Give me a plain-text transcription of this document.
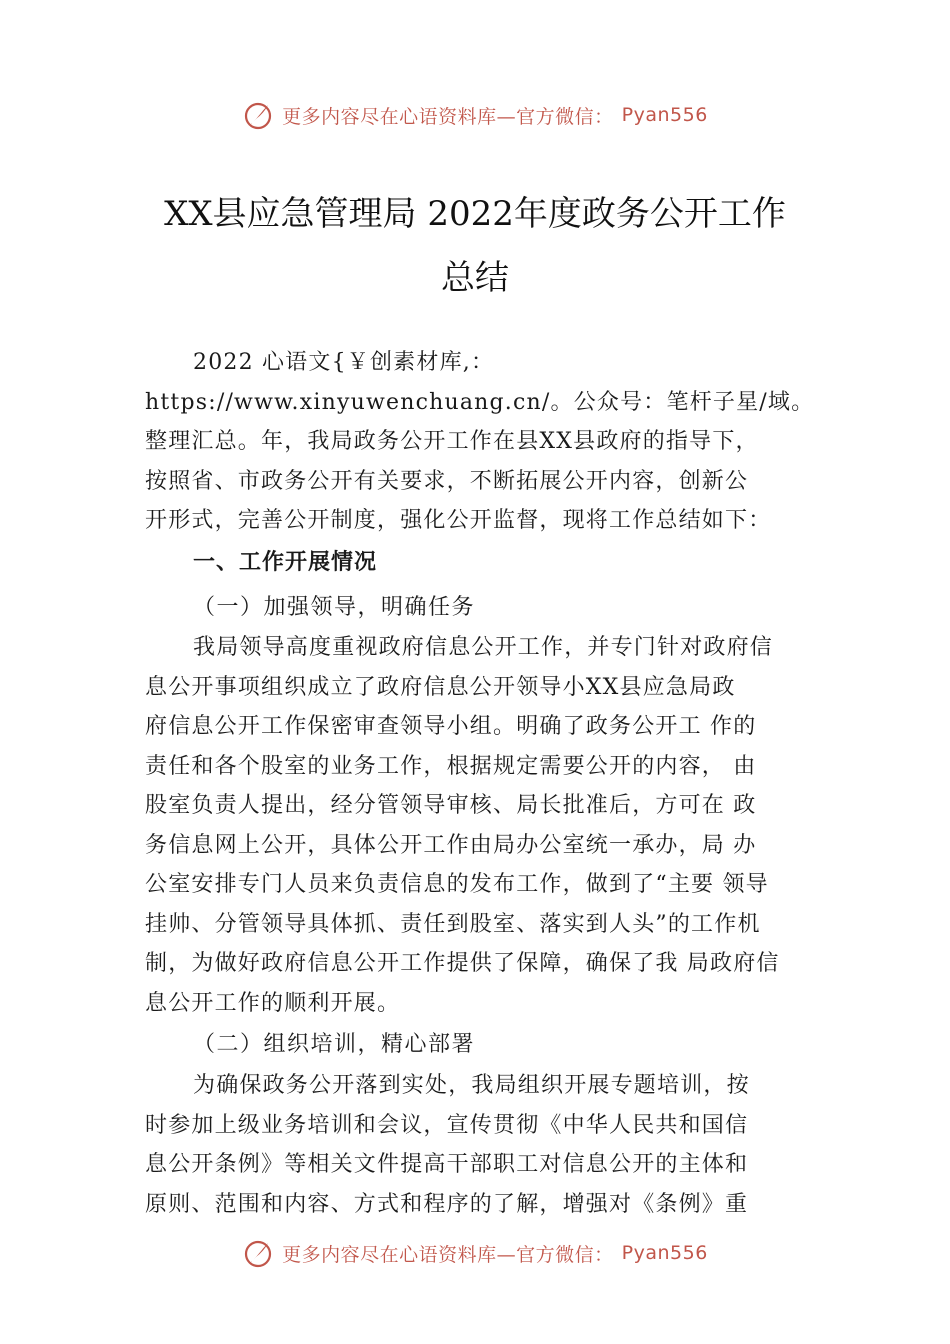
更多内容尽在心语资料库—官方微信： Pyan556
XX县应急管理局 2022年度政务公开工作
总结

2022 心语文{￥创素材库,：
https://www.xinyuwenchuang.cn/。公众号：笔杆子星/域。
整理汇总。年，我局政务公开工作在县XX县政府的指导下，
按照省、市政务公开有关要求，不断拓展公开内容，创新公
开形式，完善公开制度，强化公开监督，现将工作总结如下：

一、工作开展情况
（一）加强领导，明确任务

我局领导高度重视政府信息公开工作，并专门针对政府信
息公开事项组织成立了政府信息公开领导小XX县应急局政
府信息公开工作保密审查领导小组。明确了政务公开工 作的
责任和各个股室的业务工作，根据规定需要公开的内容， 由
股室负责人提出，经分管领导审核、局长批准后，方可在 政
务信息网上公开，具体公开工作由局办公室统一承办，局 办
公室安排专门人员来负责信息的发布工作，做到了“主要 领导
挂帅、分管领导具体抓、责任到股室、落实到人头”的工作机
制，为做好政府信息公开工作提供了保障，确保了我 局政府信
息公开工作的顺利开展。

（二）组织培训，精心部署

为确保政务公开落到实处，我局组织开展专题培训，按
时参加上级业务培训和会议，宣传贯彻《中华人民共和国信
息公开条例》等相关文件提高干部职工对信息公开的主体和
原则、范围和内容、方式和程序的了解，增强对《条例》重

更多内容尽在心语资料库—官方微信： Pyan556
